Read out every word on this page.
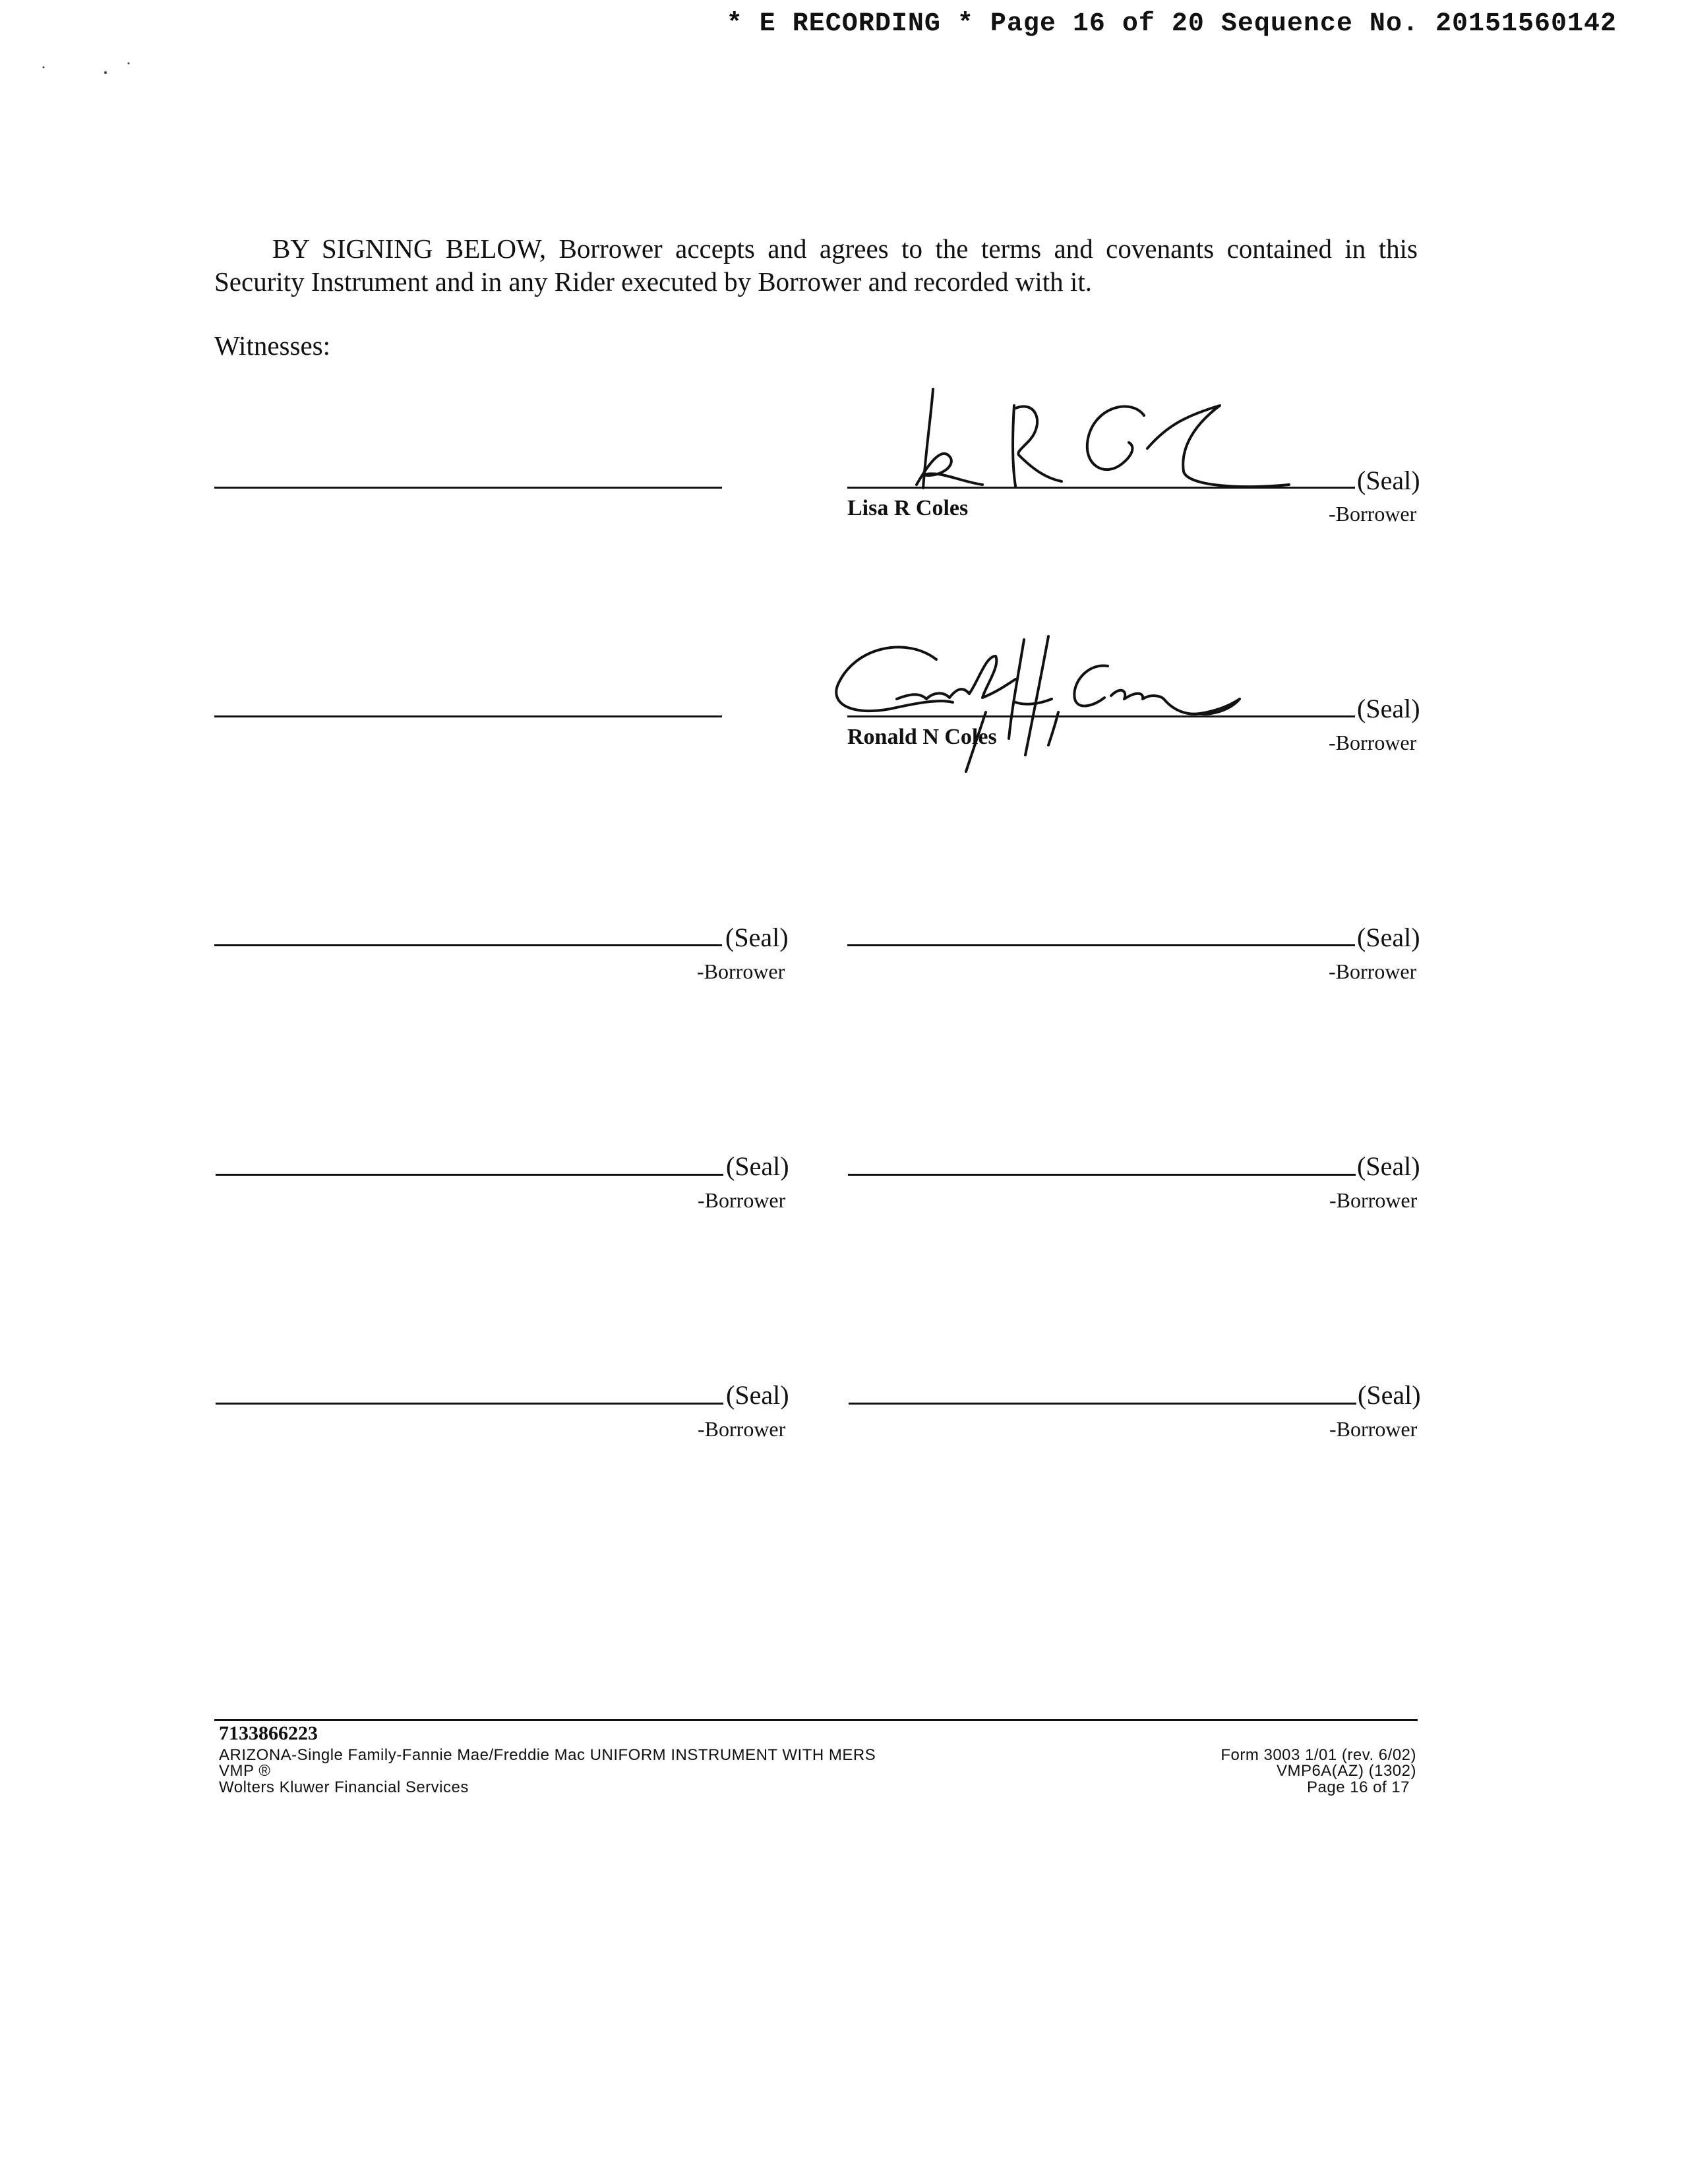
* E RECORDING * Page 16 of 20 Sequence No. 20151560142

BY SIGNING BELOW, Borrower accepts and agrees to the terms and covenants contained in this Security Instrument and in any Rider executed by Borrower and recorded with it.

Witnesses:
(Seal)
Lisa R Coles	-Borrower
(Seal)
Ronald N Coles	-Borrower
(Seal)
-Borrower
(Seal)
-Borrower
(Seal)
-Borrower
(Seal)
-Borrower
(Seal)
-Borrower
(Seal)
-Borrower
7133866223
ARIZONA-Single Family-Fannie Mae/Freddie Mac UNIFORM INSTRUMENT WITH MERS
VMP ®
Wolters Kluwer Financial Services
Form 3003 1/01 (rev. 6/02)
VMP6A(AZ) (1302)
Page 16 of 17
